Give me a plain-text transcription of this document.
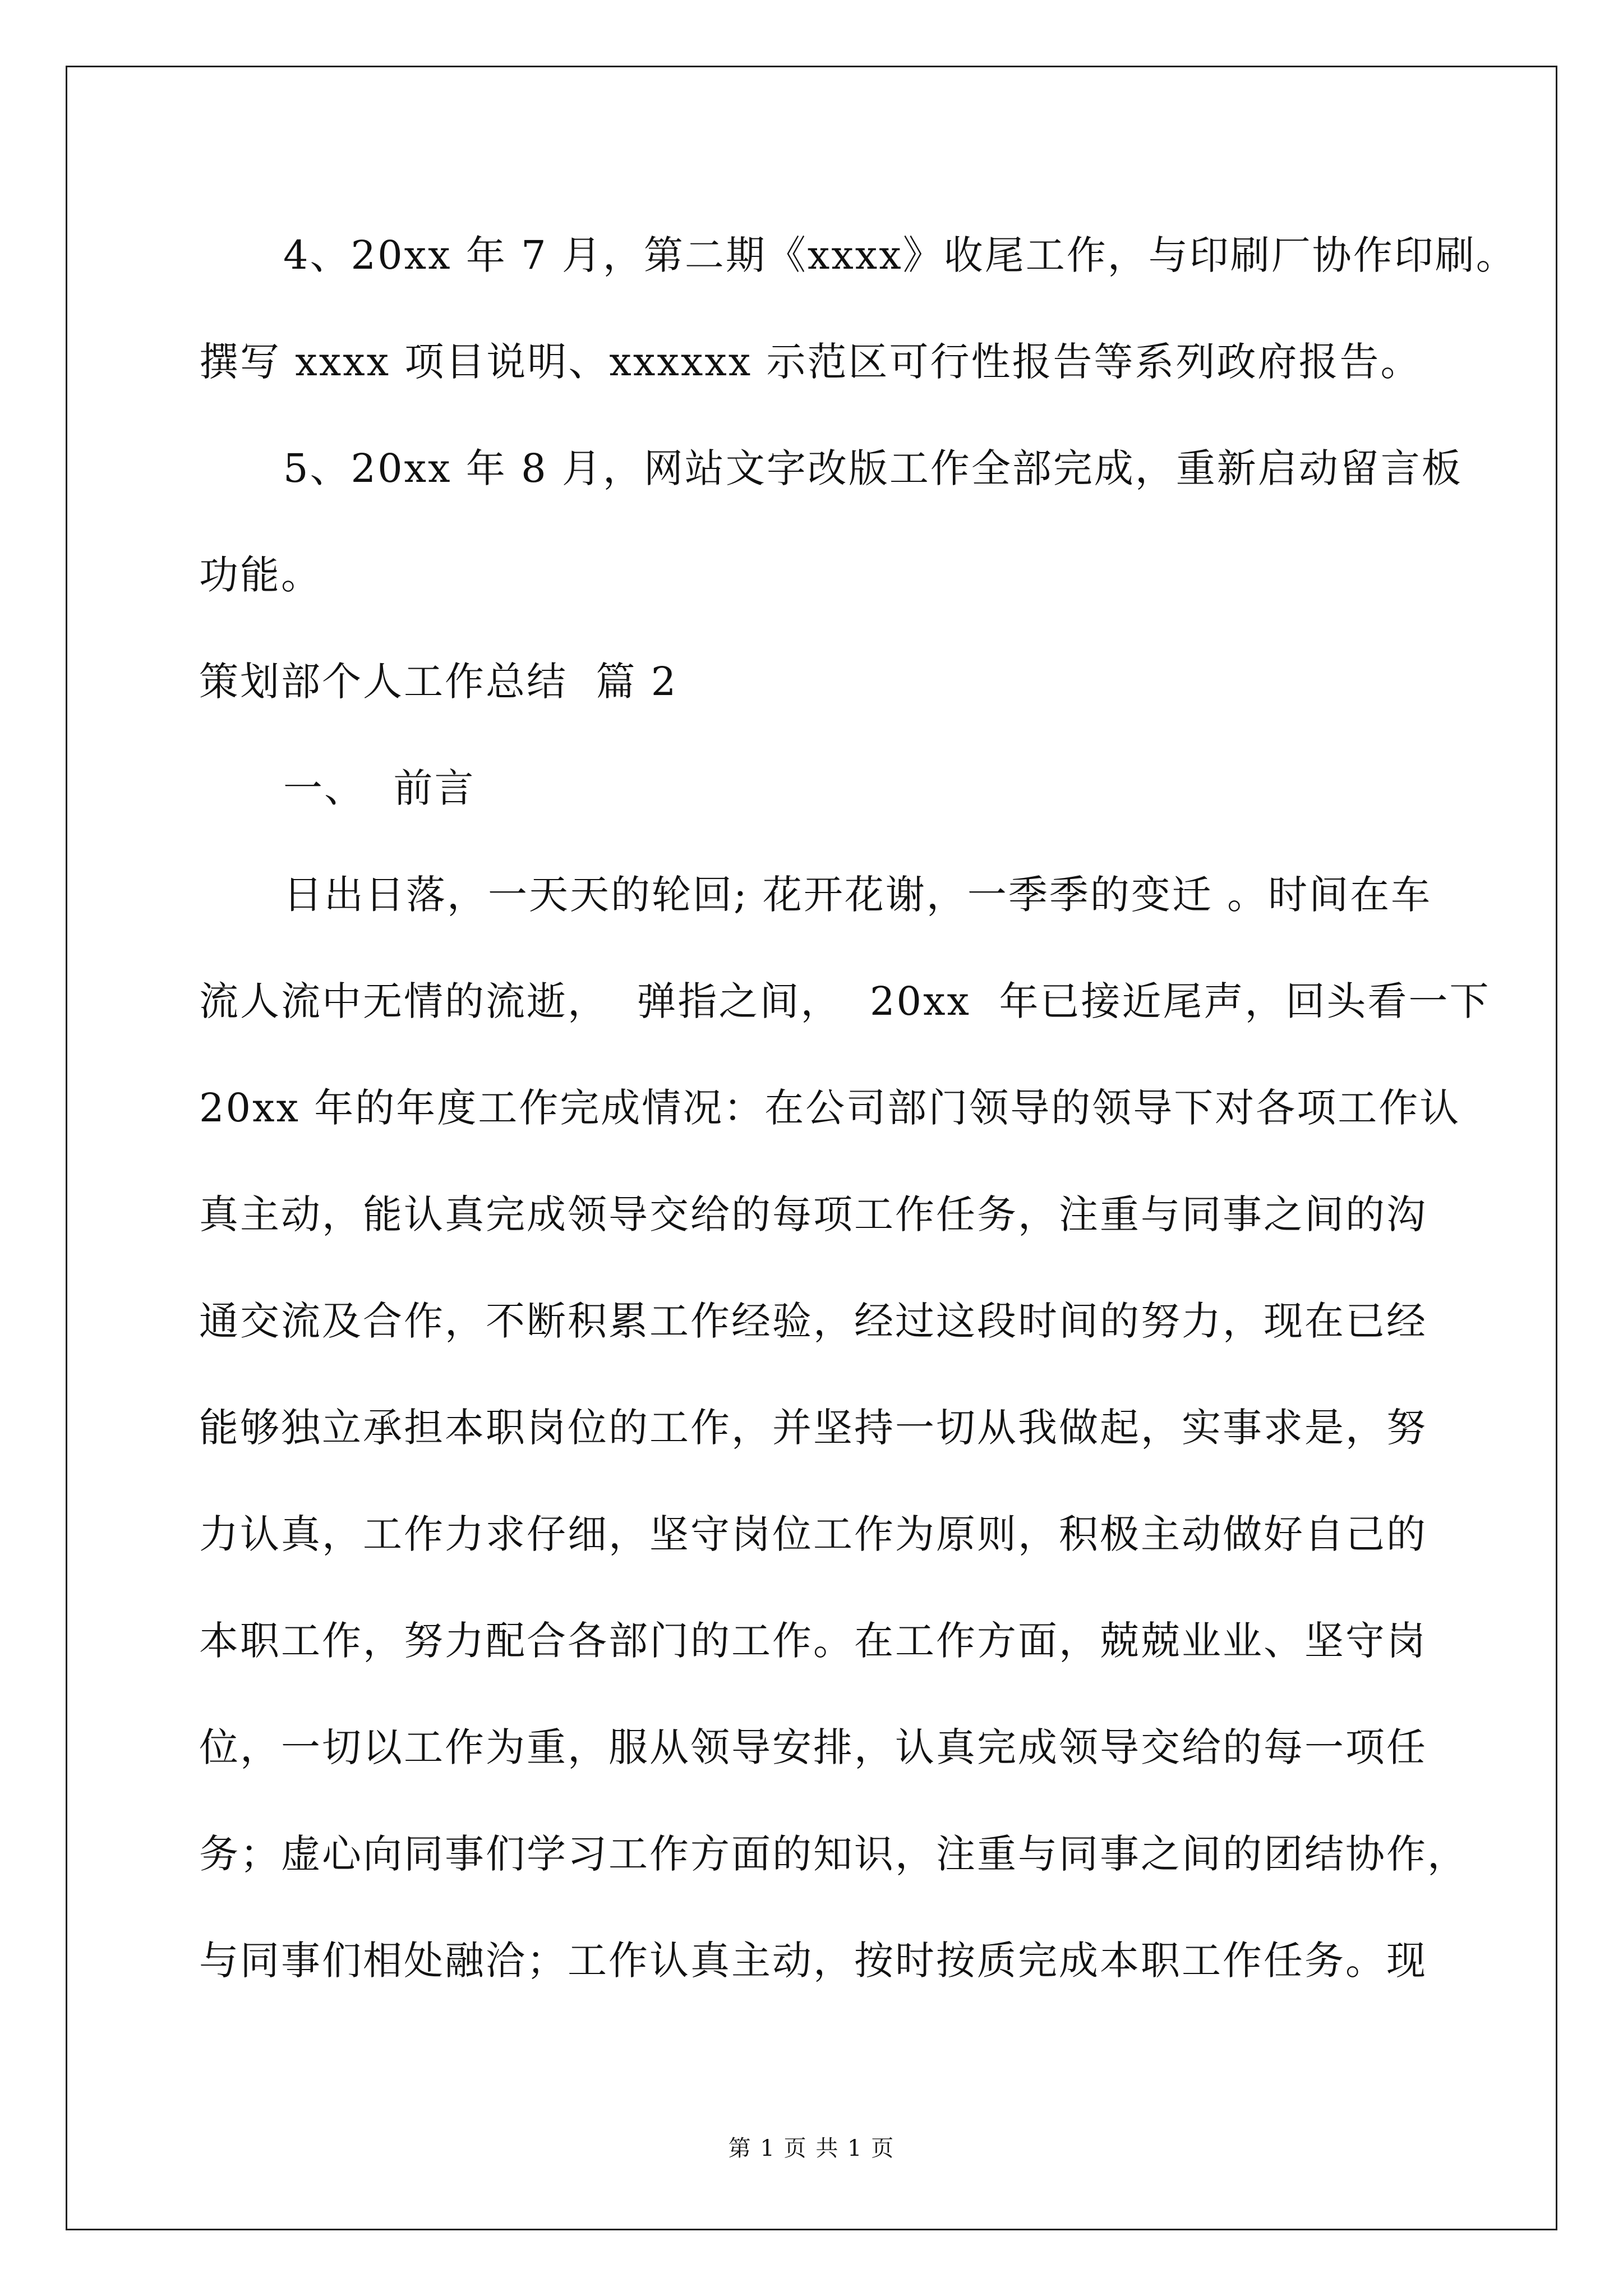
4、20xx 年 7 月，第二期《xxxx》收尾工作，与印刷厂协作印刷。
撰写 xxxx 项目说明、xxxxxx 示范区可行性报告等系列政府报告。
5、20xx 年 8 月，网站文字改版工作全部完成，重新启动留言板
功能。
策划部个人工作总结  篇 2
一、  前言
日出日落，一天天的轮回; 花开花谢，一季季的变迁 。时间在车
流人流中无情的流逝，  弹指之间，  20xx  年已接近尾声，回头看一下
20xx 年的年度工作完成情况：在公司部门领导的领导下对各项工作认
真主动，能认真完成领导交给的每项工作任务，注重与同事之间的沟
通交流及合作，不断积累工作经验，经过这段时间的努力，现在已经
能够独立承担本职岗位的工作，并坚持一切从我做起，实事求是，努
力认真，工作力求仔细，坚守岗位工作为原则，积极主动做好自己的
本职工作，努力配合各部门的工作。在工作方面，兢兢业业、坚守岗
位，一切以工作为重，服从领导安排，认真完成领导交给的每一项任
务；虚心向同事们学习工作方面的知识，注重与同事之间的团结协作，
与同事们相处融洽；工作认真主动，按时按质完成本职工作任务。现
第 1 页 共 1 页
